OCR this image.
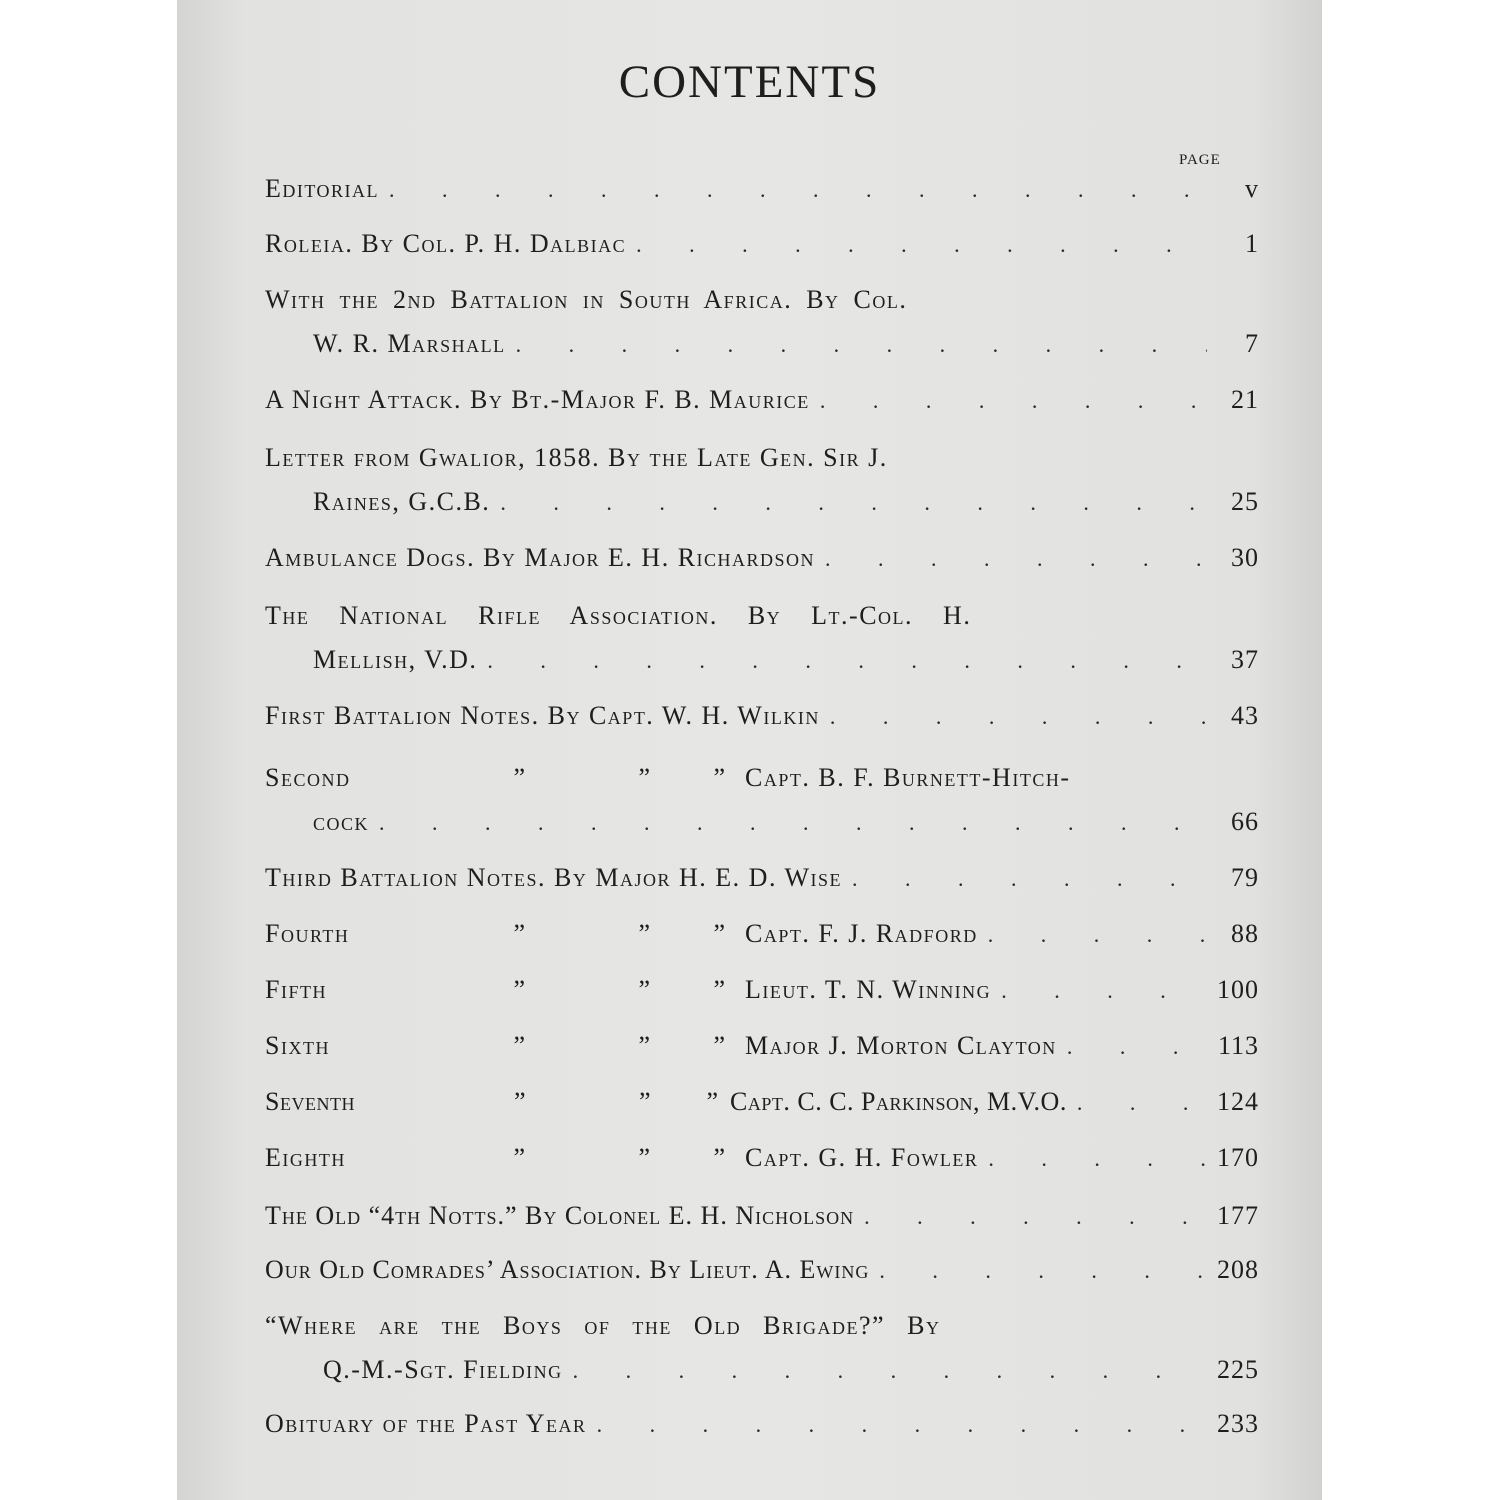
CONTENTS
PAGE
Editorial . . .	v
Roleia. By Col. P. H. Dalbiac . . .	1
With the 2nd Battalion in South Africa. By Col.
W. R. Marshall . . .	7
A Night Attack. By Bt.-Major F. B. Maurice . . .	21
Letter from Gwalior, 1858. By the Late Gen. Sir J.
Raines, G.C.B. . . .	25
Ambulance Dogs. By Major E. H. Richardson . . .	30
The National Rifle Association. By Lt.-Col. H.
Mellish, V.D. . . .	37
First Battalion Notes. By Capt. W. H. Wilkin . . .	43
Second	”	”	” Capt. B. F. Burnett-Hitch-
cock . . .	66
Third Battalion Notes. By Major H. E. D. Wise . . .	79
Fourth	”	”	” Capt. F. J. Radford . . .	88
Fifth	”	”	” Lieut. T. N. Winning . . .	100
Sixth	”	”	” Major J. Morton Clayton . . .	113
Seventh	”	”	” Capt. C. C. Parkinson, M.V.O. . . .	124
Eighth	”	”	” Capt. G. H. Fowler . . .	170
The Old “4th Notts.” By Colonel E. H. Nicholson . . .	177
Our Old Comrades’ Association. By Lieut. A. Ewing . . .	208
“Where are the Boys of the Old Brigade?” By
Q.-M.-Sgt. Fielding . . .	225
Obituary of the Past Year . . .	233
